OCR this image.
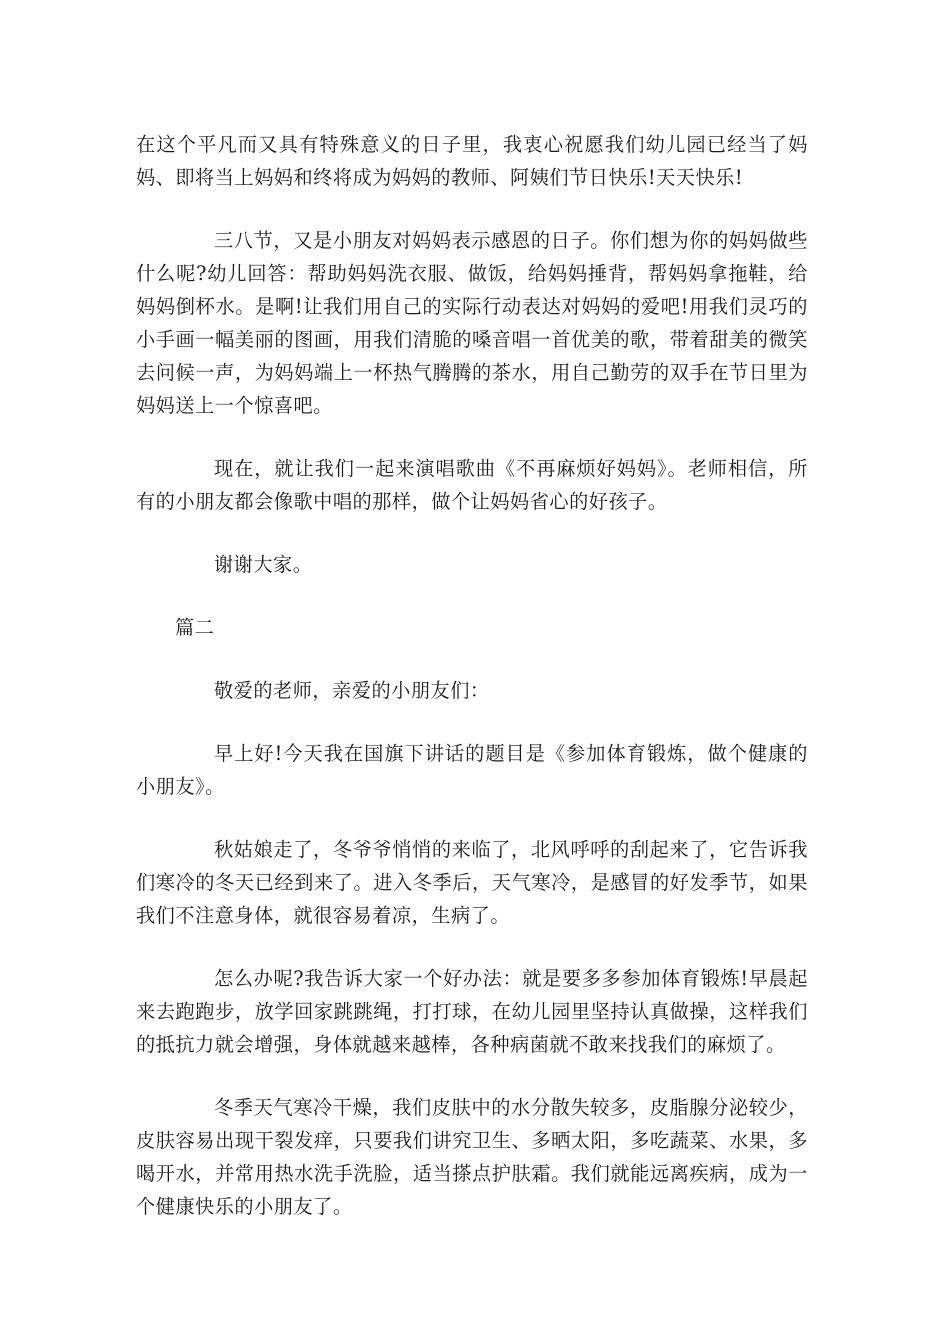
在这个平凡而又具有特殊意义的日子里，我衷心祝愿我们幼儿园已经当了妈妈、即将当上妈妈和终将成为妈妈的教师、阿姨们节日快乐!天天快乐!

三八节，又是小朋友对妈妈表示感恩的日子。你们想为你的妈妈做些什么呢?幼儿回答：帮助妈妈洗衣服、做饭，给妈妈捶背，帮妈妈拿拖鞋，给妈妈倒杯水。是啊!让我们用自己的实际行动表达对妈妈的爱吧!用我们灵巧的小手画一幅美丽的图画，用我们清脆的嗓音唱一首优美的歌，带着甜美的微笑去问候一声，为妈妈端上一杯热气腾腾的茶水，用自己勤劳的双手在节日里为妈妈送上一个惊喜吧。

现在，就让我们一起来演唱歌曲《不再麻烦好妈妈》。老师相信，所有的小朋友都会像歌中唱的那样，做个让妈妈省心的好孩子。

谢谢大家。

篇二

敬爱的老师，亲爱的小朋友们：

早上好!今天我在国旗下讲话的题目是《参加体育锻炼，做个健康的小朋友》。

秋姑娘走了，冬爷爷悄悄的来临了，北风呼呼的刮起来了，它告诉我们寒冷的冬天已经到来了。进入冬季后，天气寒冷，是感冒的好发季节，如果我们不注意身体，就很容易着凉，生病了。

怎么办呢?我告诉大家一个好办法：就是要多多参加体育锻炼!早晨起来去跑跑步，放学回家跳跳绳，打打球，在幼儿园里坚持认真做操，这样我们的抵抗力就会增强，身体就越来越棒，各种病菌就不敢来找我们的麻烦了。

冬季天气寒冷干燥，我们皮肤中的水分散失较多，皮脂腺分泌较少，皮肤容易出现干裂发痒，只要我们讲究卫生、多晒太阳，多吃蔬菜、水果，多喝开水，并常用热水洗手洗脸，适当搽点护肤霜。我们就能远离疾病，成为一个健康快乐的小朋友了。
